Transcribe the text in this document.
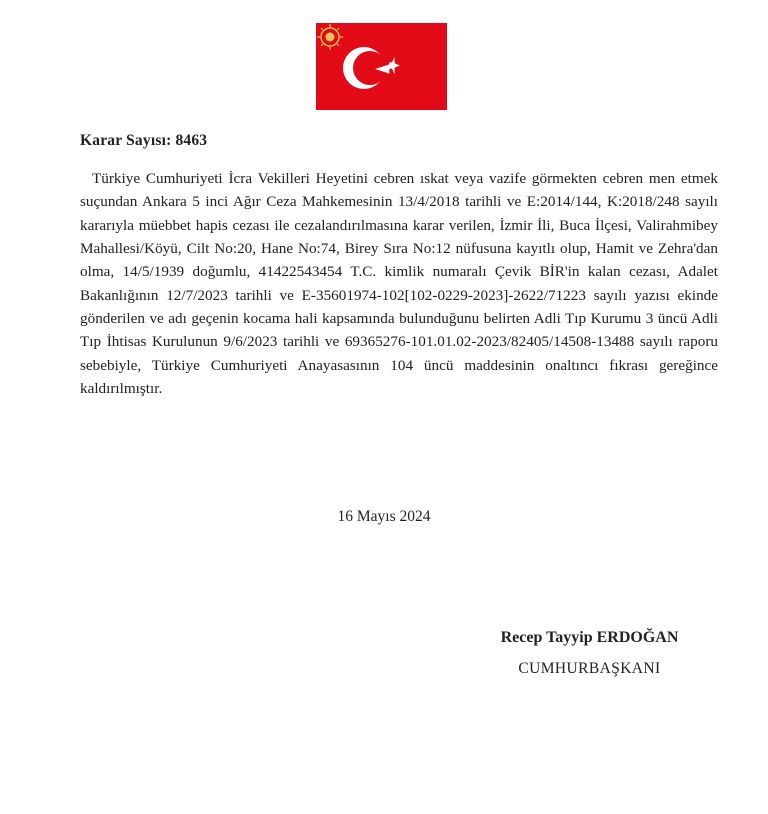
Karar Sayısı: 8463
Türkiye Cumhuriyeti İcra Vekilleri Heyetini cebren ıskat veya vazife görmekten cebren men etmek suçundan Ankara 5 inci Ağır Ceza Mahkemesinin 13/4/2018 tarihli ve E:2014/144, K:2018/248 sayılı kararıyla müebbet hapis cezası ile cezalandırılmasına karar verilen, İzmir İli, Buca İlçesi, Valirahmibey Mahallesi/Köyü, Cilt No:20, Hane No:74, Birey Sıra No:12 nüfusuna kayıtlı olup, Hamit ve Zehra'dan olma, 14/5/1939 doğumlu, 41422543454 T.C. kimlik numaralı Çevik BİR'in kalan cezası, Adalet Bakanlığının 12/7/2023 tarihli ve E-35601974-102[102-0229-2023]-2622/71223 sayılı yazısı ekinde gönderilen ve adı geçenin kocama hali kapsamında bulunduğunu belirten Adli Tıp Kurumu 3 üncü Adli Tıp İhtisas Kurulunun 9/6/2023 tarihli ve 69365276-101.01.02-2023/82405/14508-13488 sayılı raporu sebebiyle, Türkiye Cumhuriyeti Anayasasının 104 üncü maddesinin onaltıncı fıkrası gereğince kaldırılmıştır.
16 Mayıs 2024
Recep Tayyip ERDOĞAN
CUMHURBAŞKANI
